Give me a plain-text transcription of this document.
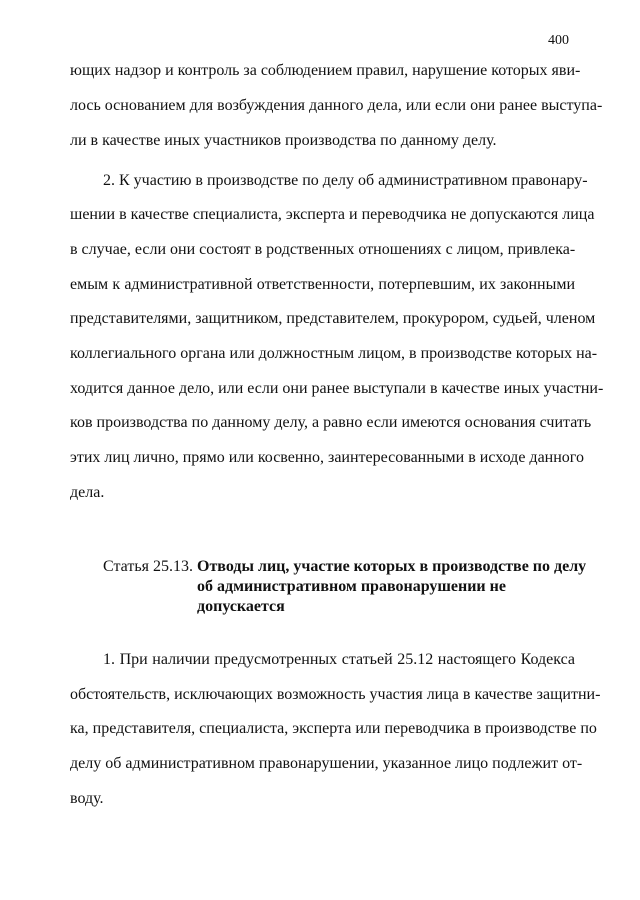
400
ющих надзор и контроль за соблюдением правил, нарушение которых яви-
лось основанием для возбуждения данного дела, или если они ранее выступа-
ли в качестве иных участников производства по данному делу.
2. К участию в производстве по делу об административном правонару-
шении в качестве специалиста, эксперта и переводчика не допускаются лица
в случае, если они состоят в родственных отношениях с лицом, привлека-
емым к административной ответственности, потерпевшим, их законными
представителями, защитником, представителем, прокурором, судьей, членом
коллегиального органа или должностным лицом, в производстве которых на-
ходится данное дело, или если они ранее выступали в качестве иных участни-
ков производства по данному делу, а равно если имеются основания считать
этих лиц лично, прямо или косвенно, заинтересованными в исходе данного
дела.
Статья 25.13. Отводы лиц, участие которых в производстве по делу
об административном правонарушении не
допускается
1. При наличии предусмотренных статьей 25.12 настоящего Кодекса
обстоятельств, исключающих возможность участия лица в качестве защитни-
ка, представителя, специалиста, эксперта или переводчика в производстве по
делу об административном правонарушении, указанное лицо подлежит от-
воду.
